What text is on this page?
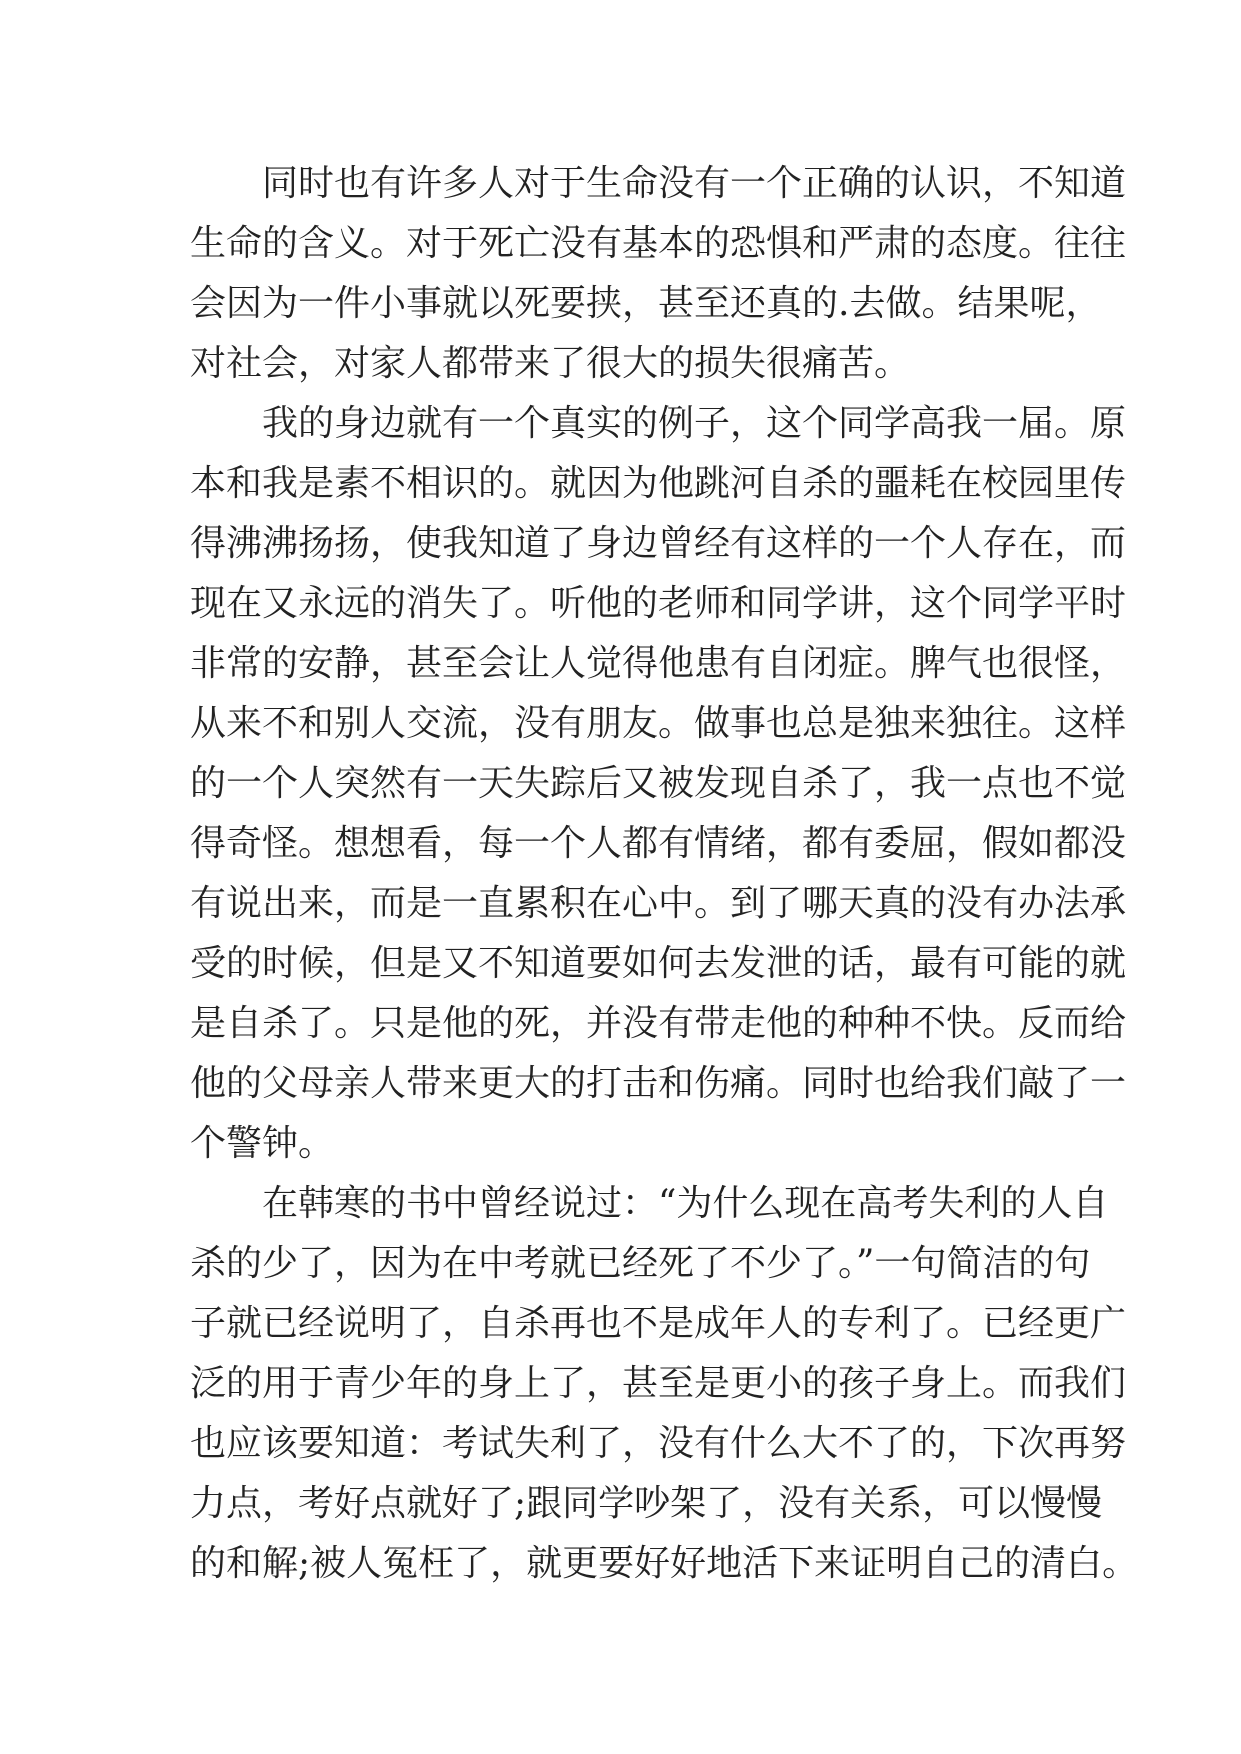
　　同时也有许多人对于生命没有一个正确的认识，不知道
生命的含义。对于死亡没有基本的恐惧和严肃的态度。往往
会因为一件小事就以死要挟，甚至还真的.去做。结果呢，
对社会，对家人都带来了很大的损失很痛苦。
　　我的身边就有一个真实的例子，这个同学高我一届。原
本和我是素不相识的。就因为他跳河自杀的噩耗在校园里传
得沸沸扬扬，使我知道了身边曾经有这样的一个人存在，而
现在又永远的消失了。听他的老师和同学讲，这个同学平时
非常的安静，甚至会让人觉得他患有自闭症。脾气也很怪，
从来不和别人交流，没有朋友。做事也总是独来独往。这样
的一个人突然有一天失踪后又被发现自杀了，我一点也不觉
得奇怪。想想看，每一个人都有情绪，都有委屈，假如都没
有说出来，而是一直累积在心中。到了哪天真的没有办法承
受的时候，但是又不知道要如何去发泄的话，最有可能的就
是自杀了。只是他的死，并没有带走他的种种不快。反而给
他的父母亲人带来更大的打击和伤痛。同时也给我们敲了一
个警钟。
　　在韩寒的书中曾经说过：“为什么现在高考失利的人自
杀的少了，因为在中考就已经死了不少了。”一句简洁的句
子就已经说明了，自杀再也不是成年人的专利了。已经更广
泛的用于青少年的身上了，甚至是更小的孩子身上。而我们
也应该要知道：考试失利了，没有什么大不了的，下次再努
力点，考好点就好了;跟同学吵架了，没有关系，可以慢慢
的和解;被人冤枉了，就更要好好地活下来证明自己的清白。
